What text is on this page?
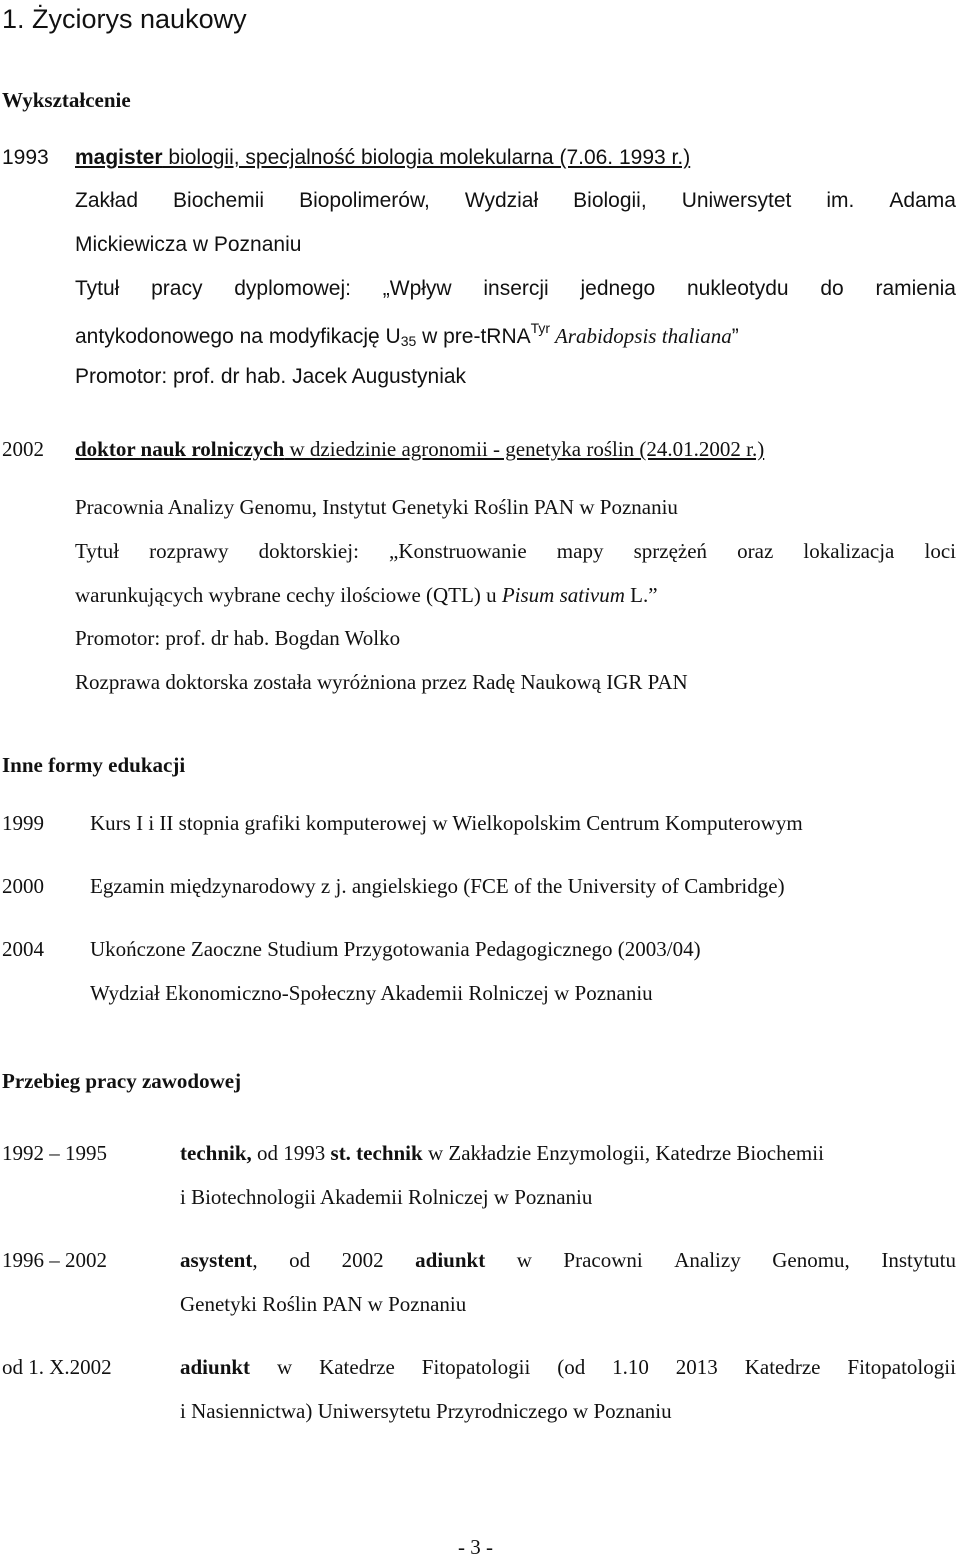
1. Życiorys naukowy
Wykształcenie
1993 magister biologii, specjalność biologia molekularna (7.06. 1993 r.)
Zakład Biochemii Biopolimerów, Wydział Biologii, Uniwersytet im. Adama
Mickiewicza w Poznaniu
Tytuł pracy dyplomowej: „Wpływ insercji jednego nukleotydu do ramienia
antykodonowego na modyfikację $U_{35}$ w pre-tRNA$^{Tyr}$ Arabidopsis thaliana”
Promotor: prof. dr hab. Jacek Augustyniak
2002 doktor nauk rolniczych w dziedzinie agronomii - genetyka roślin (24.01.2002 r.)
Pracownia Analizy Genomu, Instytut Genetyki Roślin PAN w Poznaniu
Tytuł rozprawy doktorskiej: „Konstruowanie mapy sprzężeń oraz lokalizacja loci
warunkujących wybrane cechy ilościowe (QTL) u Pisum sativum L.”
Promotor: prof. dr hab. Bogdan Wolko
Rozprawa doktorska została wyróżniona przez Radę Naukową IGR PAN
Inne formy edukacji
1999 Kurs I i II stopnia grafiki komputerowej w Wielkopolskim Centrum Komputerowym
2000 Egzamin międzynarodowy z j. angielskiego (FCE of the University of Cambridge)
2004 Ukończone Zaoczne Studium Przygotowania Pedagogicznego (2003/04)
Wydział Ekonomiczno-Społeczny Akademii Rolniczej w Poznaniu
Przebieg pracy zawodowej
1992 – 1995	technik, od 1993 st. technik w Zakładzie Enzymologii, Katedrze Biochemii
i Biotechnologii Akademii Rolniczej w Poznaniu
1996 – 2002	asystent, od 2002 adiunkt w Pracowni Analizy Genomu, Instytutu
Genetyki Roślin PAN w Poznaniu
od 1. X.2002	adiunkt w Katedrze Fitopatologii (od 1.10 2013 Katedrze Fitopatologii
i Nasiennictwa) Uniwersytetu Przyrodniczego w Poznaniu
- 3 -
